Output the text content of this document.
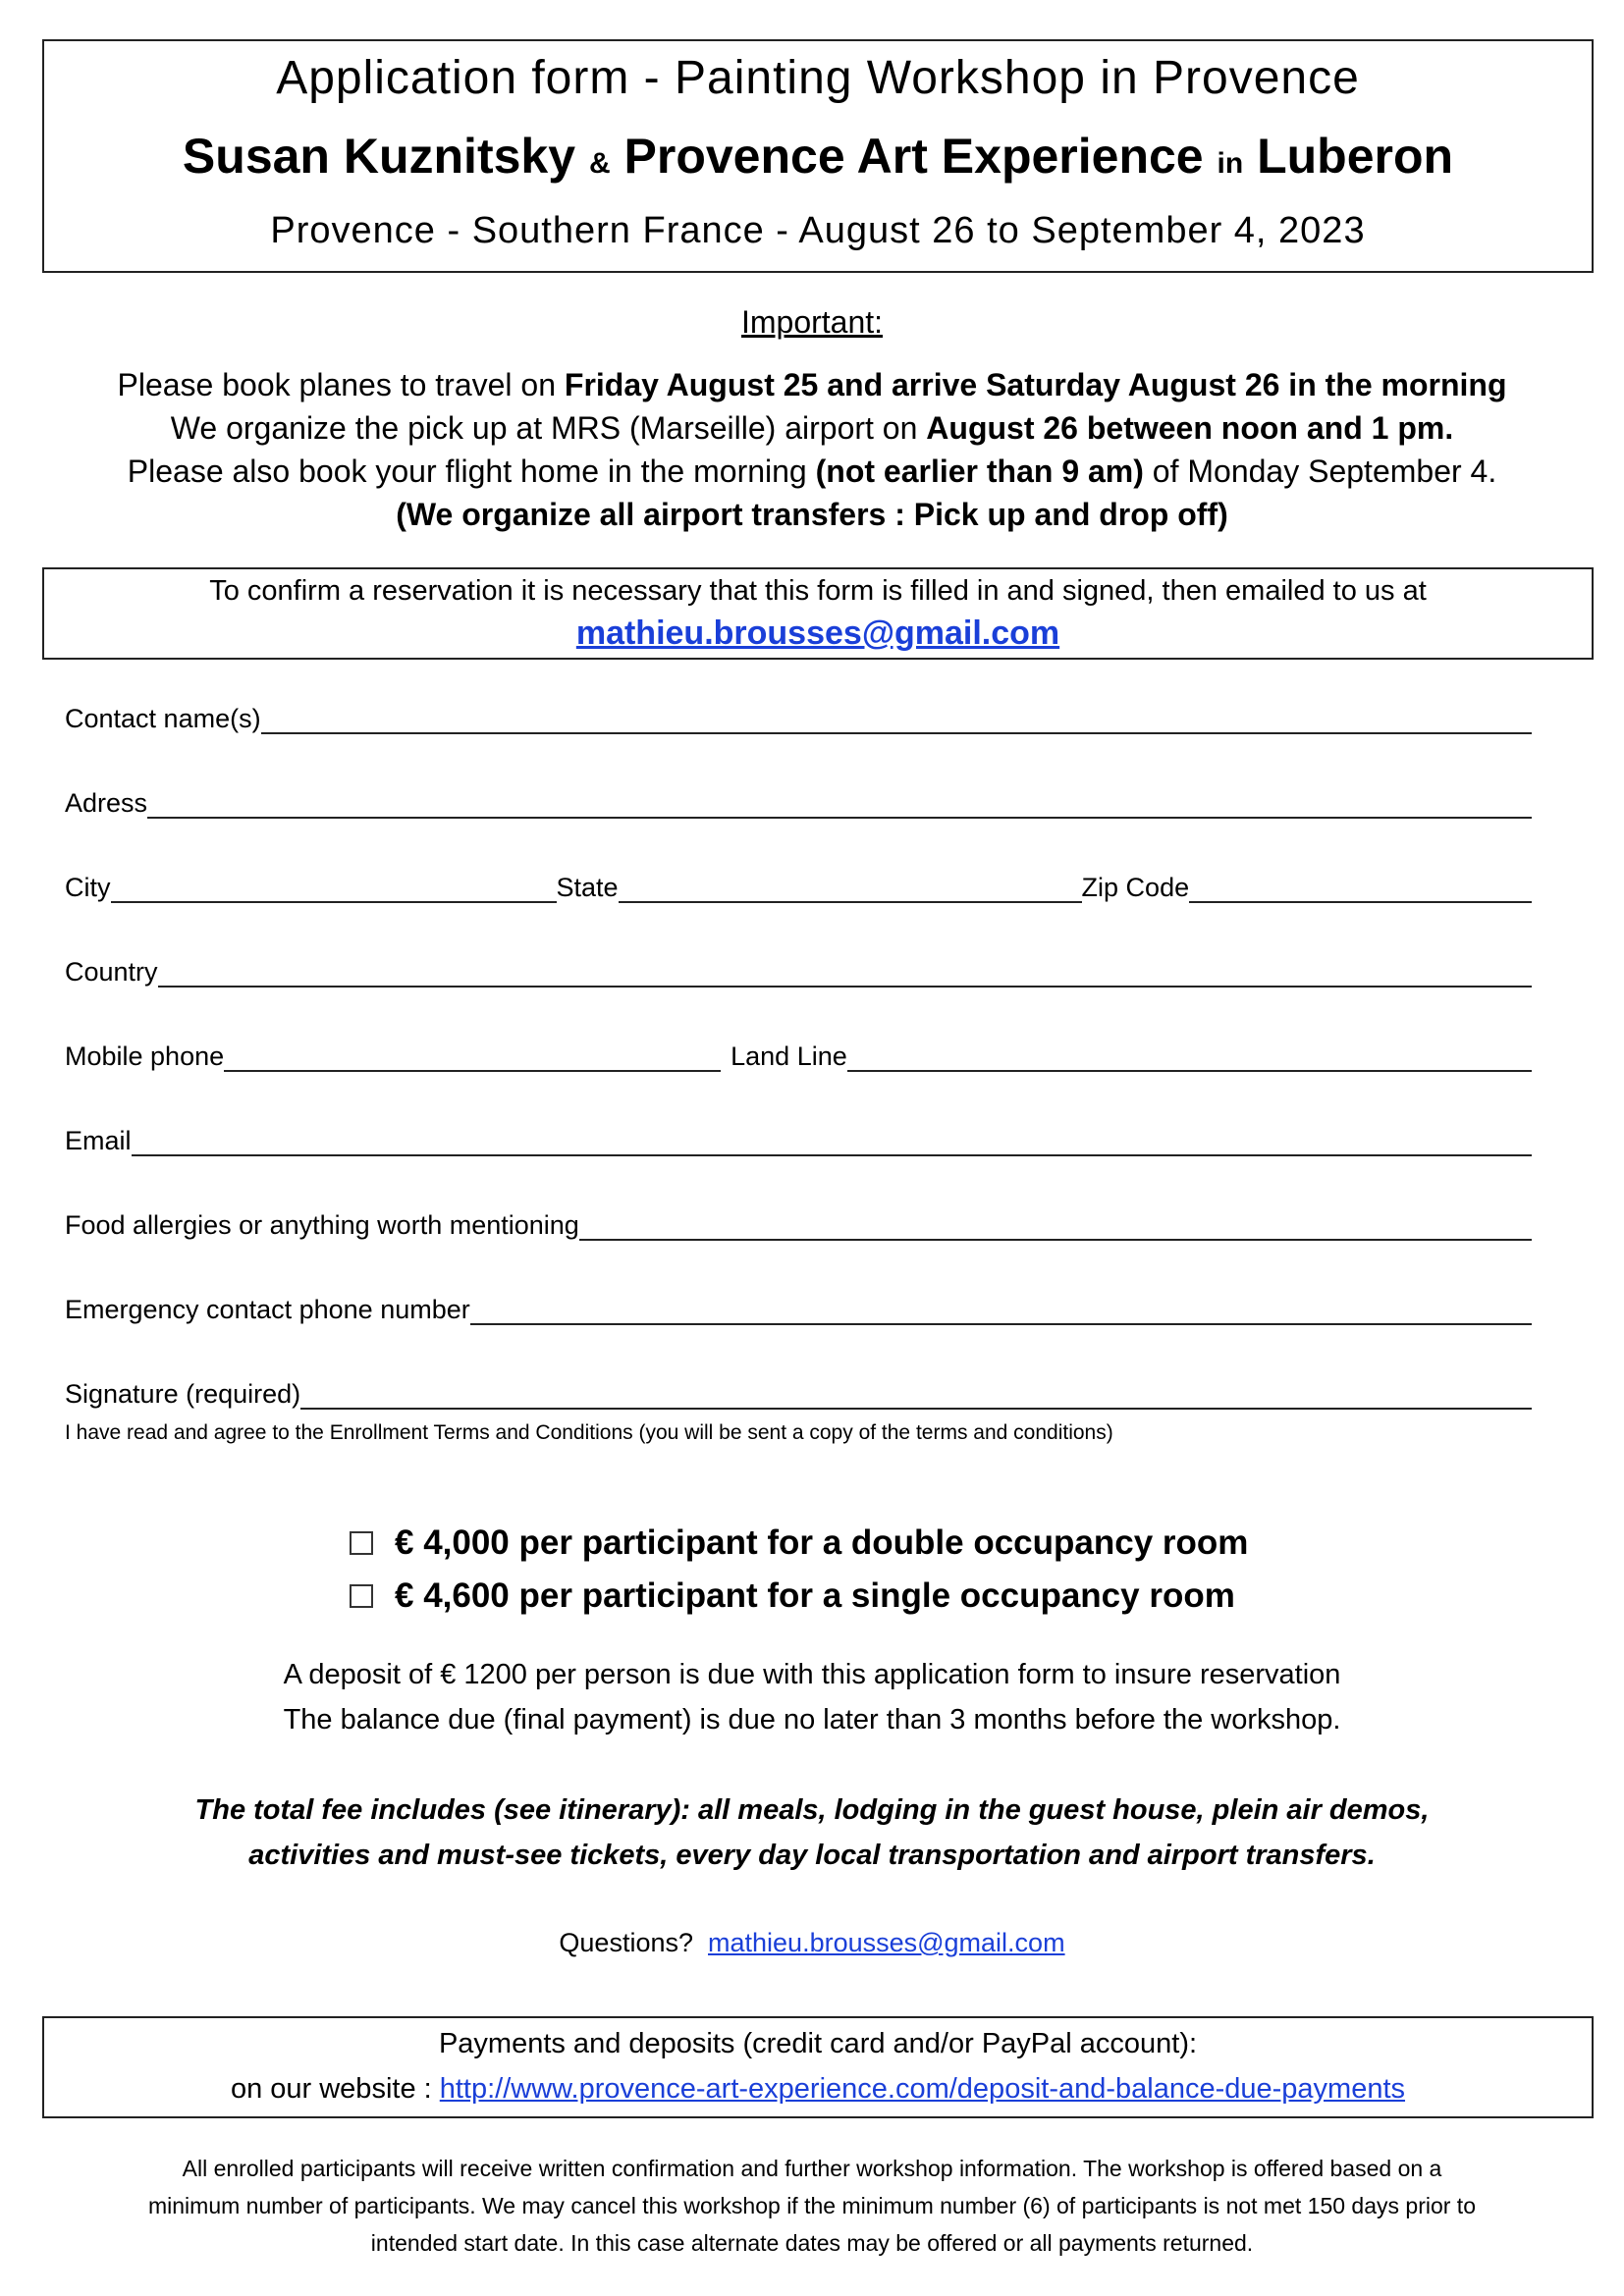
Application form - Painting Workshop in Provence
Susan Kuznitsky & Provence Art Experience in Luberon
Provence - Southern France - August 26 to September 4, 2023
Important:
Please book planes to travel on Friday August 25 and arrive Saturday August 26 in the morning
We organize the pick up at MRS (Marseille) airport on August 26 between noon and 1 pm.
Please also book your flight home in the morning (not earlier than 9 am) of Monday September 4.
(We organize all airport transfers : Pick up and drop off)
To confirm a reservation it is necessary that this form is filled in and signed, then emailed to us at
mathieu.brousses@gmail.com
Contact name(s)
Adress
City	State	Zip Code
Country
Mobile phone	Land Line
Email
Food allergies or anything worth mentioning
Emergency contact phone number
Signature (required)
I have read and agree to the Enrollment Terms and Conditions (you will be sent a copy of the terms and conditions)
€ 4,000 per participant for a double occupancy room
€ 4,600 per participant for a single occupancy room
A deposit of € 1200 per person is due with this application form to insure reservation
The balance due (final payment) is due no later than 3 months before the workshop.
The total fee includes (see itinerary): all meals, lodging in the guest house, plein air demos,
activities and must-see tickets, every day local transportation and airport transfers.
Questions? mathieu.brousses@gmail.com
Payments and deposits (credit card and/or PayPal account):
on our website : http://www.provence-art-experience.com/deposit-and-balance-due-payments
All enrolled participants will receive written confirmation and further workshop information. The workshop is offered based on a
minimum number of participants. We may cancel this workshop if the minimum number (6) of participants is not met 150 days prior to
intended start date. In this case alternate dates may be offered or all payments returned.
